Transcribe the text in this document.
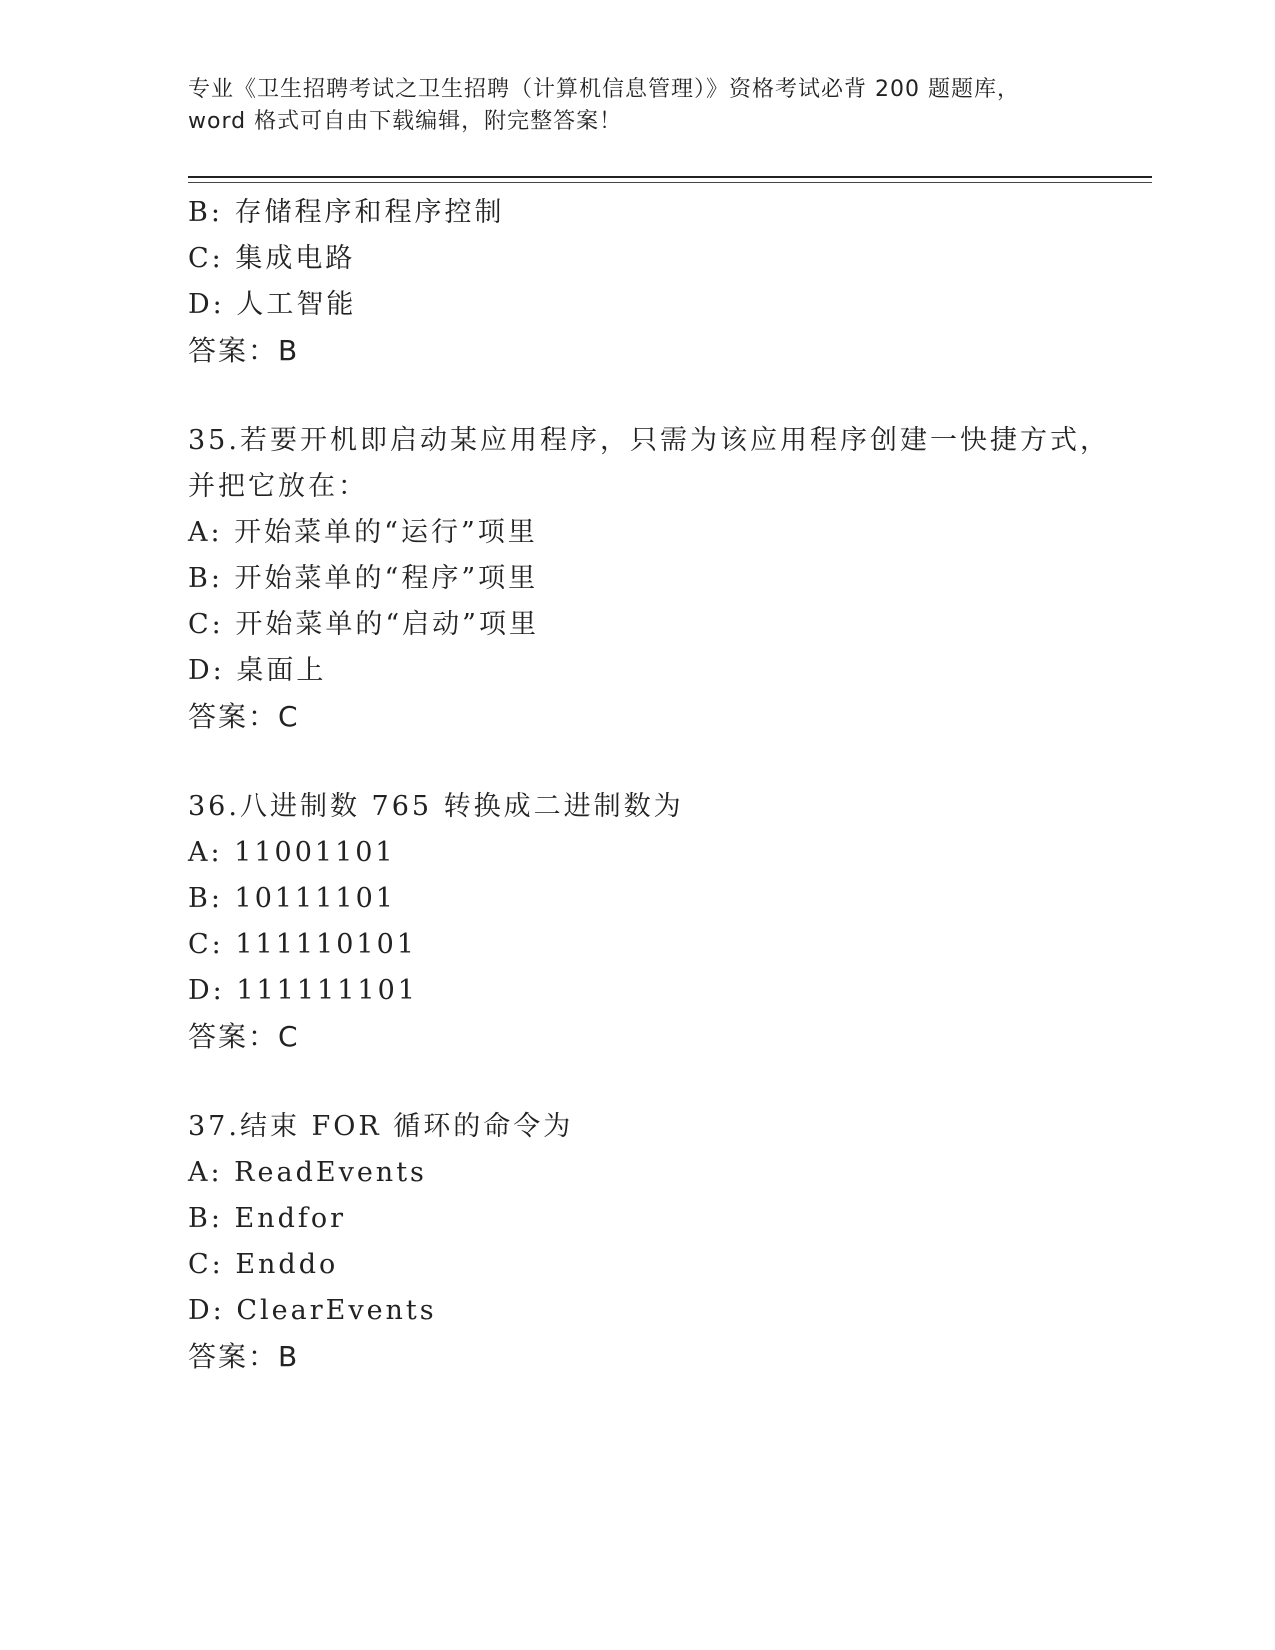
专业《卫生招聘考试之卫生招聘（计算机信息管理）》资格考试必背 200 题题库，
word 格式可自由下载编辑，附完整答案！
B: 存储程序和程序控制
C: 集成电路
D: 人工智能
答案：B
35.若要开机即启动某应用程序，只需为该应用程序创建一快捷方式，
并把它放在：
A: 开始菜单的“运行”项里
B: 开始菜单的“程序”项里
C: 开始菜单的“启动”项里
D: 桌面上
答案：C
36.八进制数 765 转换成二进制数为
A: 11001101
B: 10111101
C: 111110101
D: 111111101
答案：C
37.结束 FOR 循环的命令为
A: ReadEvents
B: Endfor
C: Enddo
D: ClearEvents
答案：B
